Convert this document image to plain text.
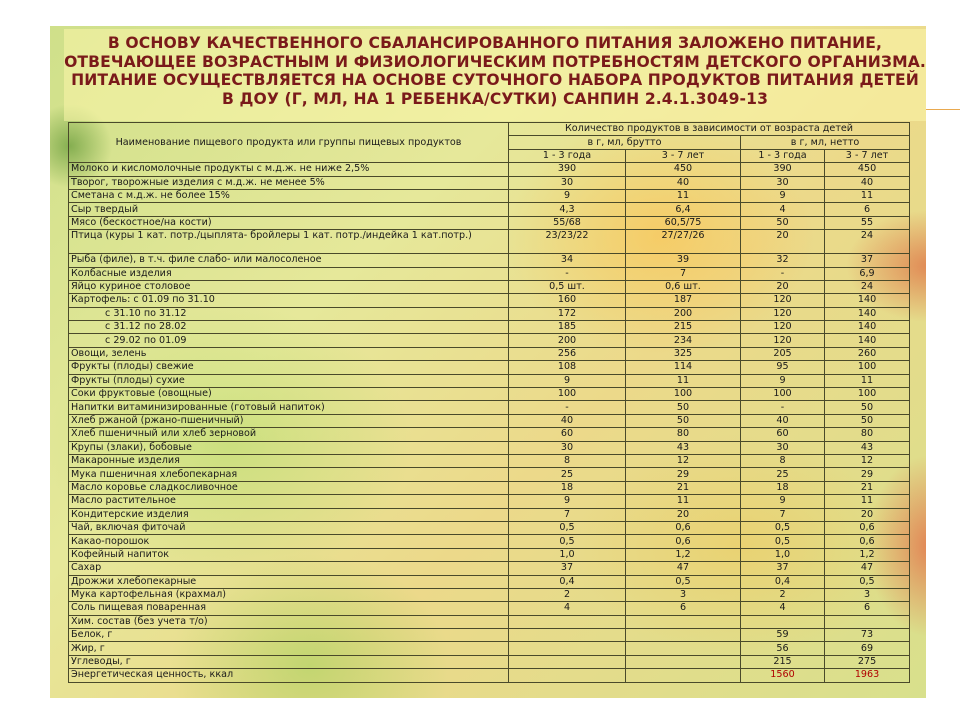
В ОСНОВУ КАЧЕСТВЕННОГО СБАЛАНСИРОВАННОГО ПИТАНИЯ ЗАЛОЖЕНО ПИТАНИЕ, ОТВЕЧАЮЩЕЕ ВОЗРАСТНЫМ И ФИЗИОЛОГИЧЕСКИМ ПОТРЕБНОСТЯМ ДЕТСКОГО ОРГАНИЗМА. ПИТАНИЕ ОСУЩЕСТВЛЯЕТСЯ НА ОСНОВЕ СУТОЧНОГО НАБОРА ПРОДУКТОВ ПИТАНИЯ ДЕТЕЙ В ДОУ (Г, МЛ, НА 1 РЕБЕНКА/СУТКИ) САНПИН 2.4.1.3049-13
Наименование пищевого продукта или группы пищевых продуктов	Количество продуктов в зависимости от возраста детей			
	в г, мл, брутто		в г, мл, нетто	
	1 - 3 года	3 - 7 лет	1 - 3 года	3 - 7 лет
Молоко и кисломолочные продукты с м.д.ж. не ниже 2,5%	390	450	390	450
Творог, творожные изделия с м.д.ж. не менее 5%	30	40	30	40
Сметана с м.д.ж. не более 15%	9	11	9	11
Сыр твердый	4,3	6,4	4	6
Мясо (бескостное/на кости)	55/68	60,5/75	50	55
Птица (куры 1 кат. потр./цыплята- бройлеры 1 кат. потр./индейка 1 кат.потр.)	23/23/22	27/27/26	20	24
Рыба (филе), в т.ч. филе слабо- или малосоленое	34	39	32	37
Колбасные изделия	-	7	-	6,9
Яйцо куриное столовое	0,5 шт.	0,6 шт.	20	24
Картофель: с 01.09 по 31.10	160	187	120	140
с 31.10 по 31.12	172	200	120	140
с 31.12 по 28.02	185	215	120	140
с 29.02 по 01.09	200	234	120	140
Овощи, зелень	256	325	205	260
Фрукты (плоды) свежие	108	114	95	100
Фрукты (плоды) сухие	9	11	9	11
Соки фруктовые (овощные)	100	100	100	100
Напитки витаминизированные (готовый напиток)	-	50	-	50
Хлеб ржаной (ржано-пшеничный)	40	50	40	50
Хлеб пшеничный или хлеб зерновой	60	80	60	80
Крупы (злаки), бобовые	30	43	30	43
Макаронные изделия	8	12	8	12
Мука пшеничная хлебопекарная	25	29	25	29
Масло коровье сладкосливочное	18	21	18	21
Масло растительное	9	11	9	11
Кондитерские изделия	7	20	7	20
Чай, включая фиточай	0,5	0,6	0,5	0,6
Какао-порошок	0,5	0,6	0,5	0,6
Кофейный напиток	1,0	1,2	1,0	1,2
Сахар	37	47	37	47
Дрожжи хлебопекарные	0,4	0,5	0,4	0,5
Мука картофельная (крахмал)	2	3	2	3
Соль пищевая поваренная	4	6	4	6
Хим. состав (без учета т/о)				
Белок, г			59	73
Жир, г			56	69
Углеводы, г			215	275
Энергетическая ценность, ккал			1560	1963
